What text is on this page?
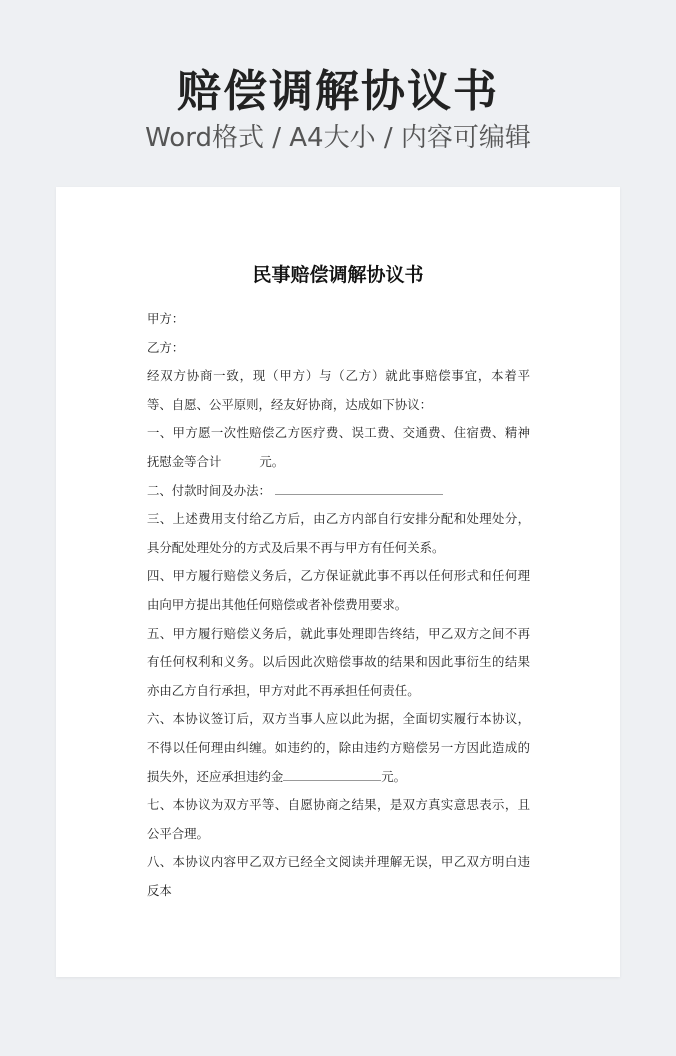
赔偿调解协议书
Word格式 / A4大小 / 内容可编辑
民事赔偿调解协议书

甲方：

乙方：

经双方协商一致，现（甲方）与（乙方）就此事赔偿事宜，本着平等、自愿、公平原则，经友好协商，达成如下协议：

一、甲方愿一次性赔偿乙方医疗费、误工费、交通费、住宿费、精神抚慰金等合计	元。

二、付款时间及办法：

三、上述费用支付给乙方后，由乙方内部自行安排分配和处理处分，具分配处理处分的方式及后果不再与甲方有任何关系。

四、甲方履行赔偿义务后，乙方保证就此事不再以任何形式和任何理由向甲方提出其他任何赔偿或者补偿费用要求。

五、甲方履行赔偿义务后，就此事处理即告终结，甲乙双方之间不再有任何权利和义务。以后因此次赔偿事故的结果和因此事衍生的结果亦由乙方自行承担，甲方对此不再承担任何责任。

六、本协议签订后，双方当事人应以此为据，全面切实履行本协议，不得以任何理由纠缠。如违约的，除由违约方赔偿另一方因此造成的损失外，还应承担违约金	元。

七、本协议为双方平等、自愿协商之结果，是双方真实意思表示，且公平合理。

八、本协议内容甲乙双方已经全文阅读并理解无误，甲乙双方明白违反本
